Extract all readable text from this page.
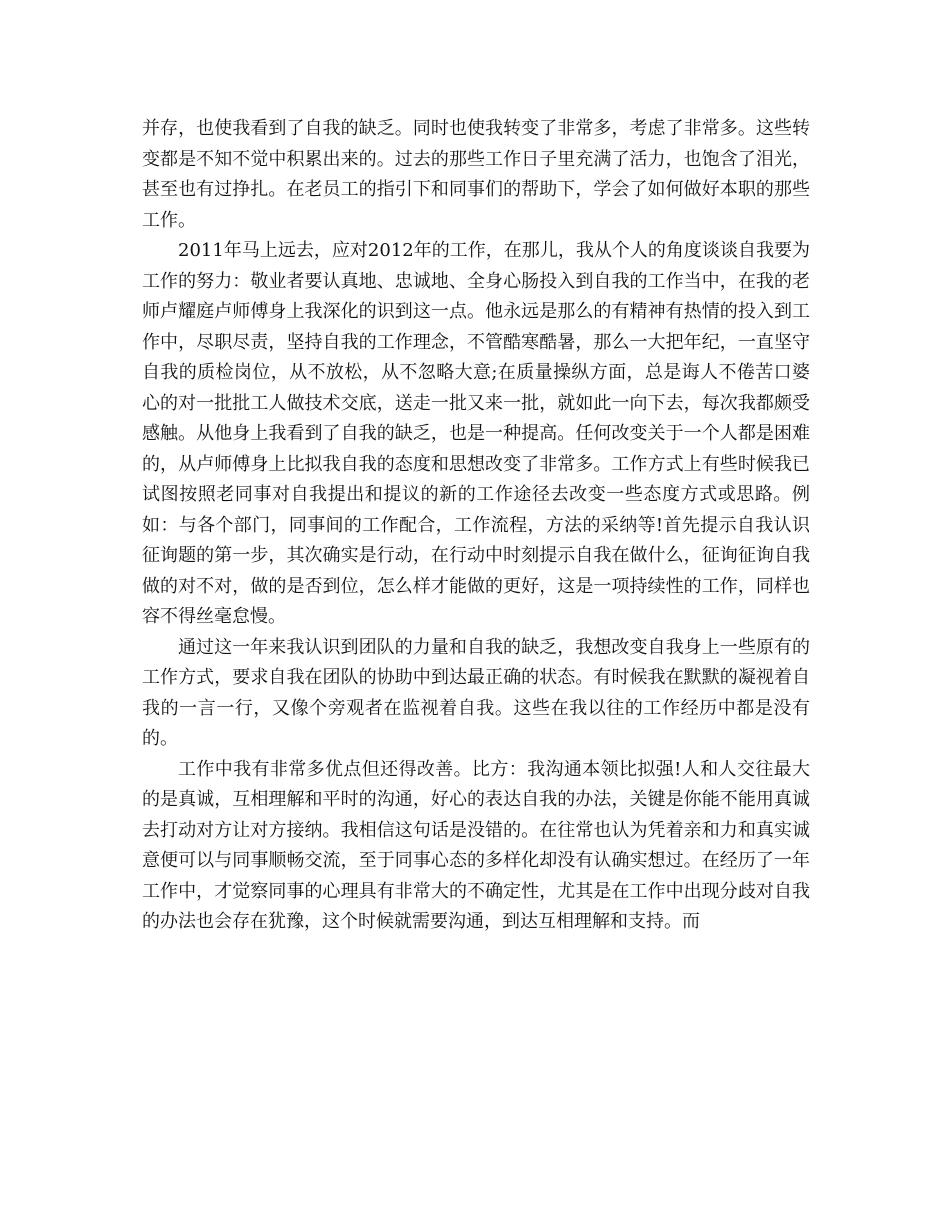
并存，也使我看到了自我的缺乏。同时也使我转变了非常多，考虑了非常多。这些转变都是不知不觉中积累出来的。过去的那些工作日子里充满了活力，也饱含了泪光，甚至也有过挣扎。在老员工的指引下和同事们的帮助下，学会了如何做好本职的那些工作。

2011年马上远去，应对2012年的工作，在那儿，我从个人的角度谈谈自我要为工作的努力：敬业者要认真地、忠诚地、全身心肠投入到自我的工作当中，在我的老师卢耀庭卢师傅身上我深化的识到这一点。他永远是那么的有精神有热情的投入到工作中，尽职尽责，坚持自我的工作理念，不管酷寒酷暑，那么一大把年纪，一直坚守自我的质检岗位，从不放松，从不忽略大意;在质量操纵方面，总是诲人不倦苦口婆心的对一批批工人做技术交底，送走一批又来一批，就如此一向下去，每次我都颇受感触。从他身上我看到了自我的缺乏，也是一种提高。任何改变关于一个人都是困难的，从卢师傅身上比拟我自我的态度和思想改变了非常多。工作方式上有些时候我已试图按照老同事对自我提出和提议的新的工作途径去改变一些态度方式或思路。例如：与各个部门，同事间的工作配合，工作流程，方法的采纳等!首先提示自我认识征询题的第一步，其次确实是行动，在行动中时刻提示自我在做什么，征询征询自我做的对不对，做的是否到位，怎么样才能做的更好，这是一项持续性的工作，同样也容不得丝毫怠慢。

通过这一年来我认识到团队的力量和自我的缺乏，我想改变自我身上一些原有的工作方式，要求自我在团队的协助中到达最正确的状态。有时候我在默默的凝视着自我的一言一行，又像个旁观者在监视着自我。这些在我以往的工作经历中都是没有的。

工作中我有非常多优点但还得改善。比方：我沟通本领比拟强!人和人交往最大的是真诚，互相理解和平时的沟通，好心的表达自我的办法，关键是你能不能用真诚去打动对方让对方接纳。我相信这句话是没错的。在往常也认为凭着亲和力和真实诚意便可以与同事顺畅交流，至于同事心态的多样化却没有认确实想过。在经历了一年工作中，才觉察同事的心理具有非常大的不确定性，尤其是在工作中出现分歧对自我的办法也会存在犹豫，这个时候就需要沟通，到达互相理解和支持。而
